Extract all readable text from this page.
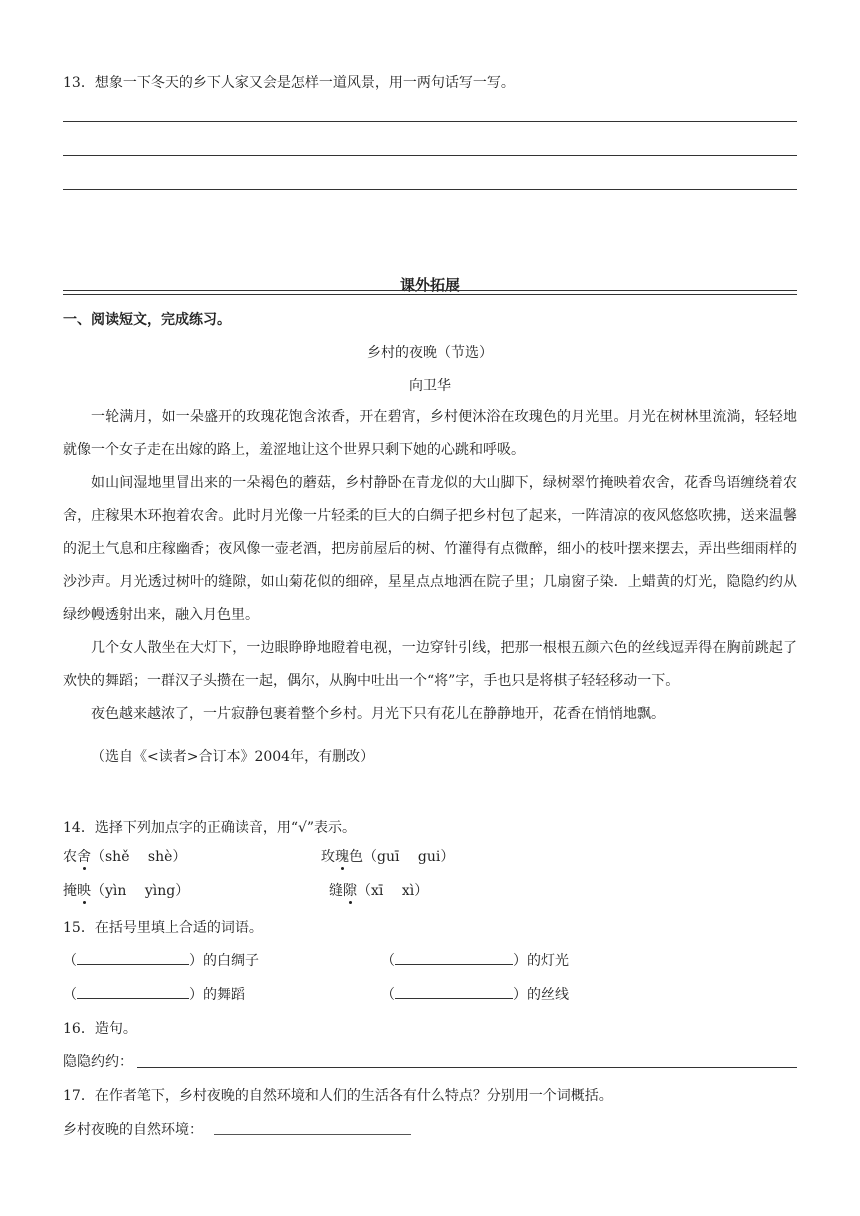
13．想象一下冬天的乡下人家又会是怎样一道风景，用一两句话写一写。
课外拓展
一、阅读短文，完成练习。
乡村的夜晚（节选）
向卫华

一轮满月，如一朵盛开的玫瑰花饱含浓香，开在碧宵，乡村便沐浴在玫瑰色的月光里。月光在树林里流淌，轻轻地就像一个女子走在出嫁的路上，羞涩地让这个世界只剩下她的心跳和呼吸。

如山间湿地里冒出来的一朵褐色的蘑菇，乡村静卧在青龙似的大山脚下，绿树翠竹掩映着农舍，花香鸟语缠绕着农舍，庄稼果木环抱着农舍。此时月光像一片轻柔的巨大的白绸子把乡村包了起来，一阵清凉的夜风悠悠吹拂，送来温馨的泥土气息和庄稼幽香；夜风像一壶老酒，把房前屋后的树、竹灌得有点微醉，细小的枝叶摆来摆去，弄出些细雨样的沙沙声。月光透过树叶的缝隙，如山菊花似的细碎，星星点点地洒在院子里；几扇窗子染．上蜡黄的灯光，隐隐约约从绿纱幔透射出来，融入月色里。

几个女人散坐在大灯下，一边眼睁睁地瞪着电视，一边穿针引线，把那一根根五颜六色的丝线逗弄得在胸前跳起了欢快的舞蹈；一群汉子头攒在一起，偶尔，从胸中吐出一个“将”字，手也只是将棋子轻轻移动一下。

夜色越来越浓了，一片寂静包裹着整个乡村。月光下只有花儿在静静地开，花香在悄悄地飘。

（选自《<读者>合订本》2004年，有删改）
14．选择下列加点字的正确读音，用“√”表示。
农舍（shě　 shè）	玫瑰色（guī　 gui）
掩映（yìn　 yìng）	缝隙（xī　 xì）
15．在括号里填上合适的词语。
（	）的白绸子	（	）的灯光
（	）的舞蹈	（	）的丝线
16．造句。
隐隐约约：
17．在作者笔下，乡村夜晚的自然环境和人们的生活各有什么特点？分别用一个词概括。
乡村夜晚的自然环境：
